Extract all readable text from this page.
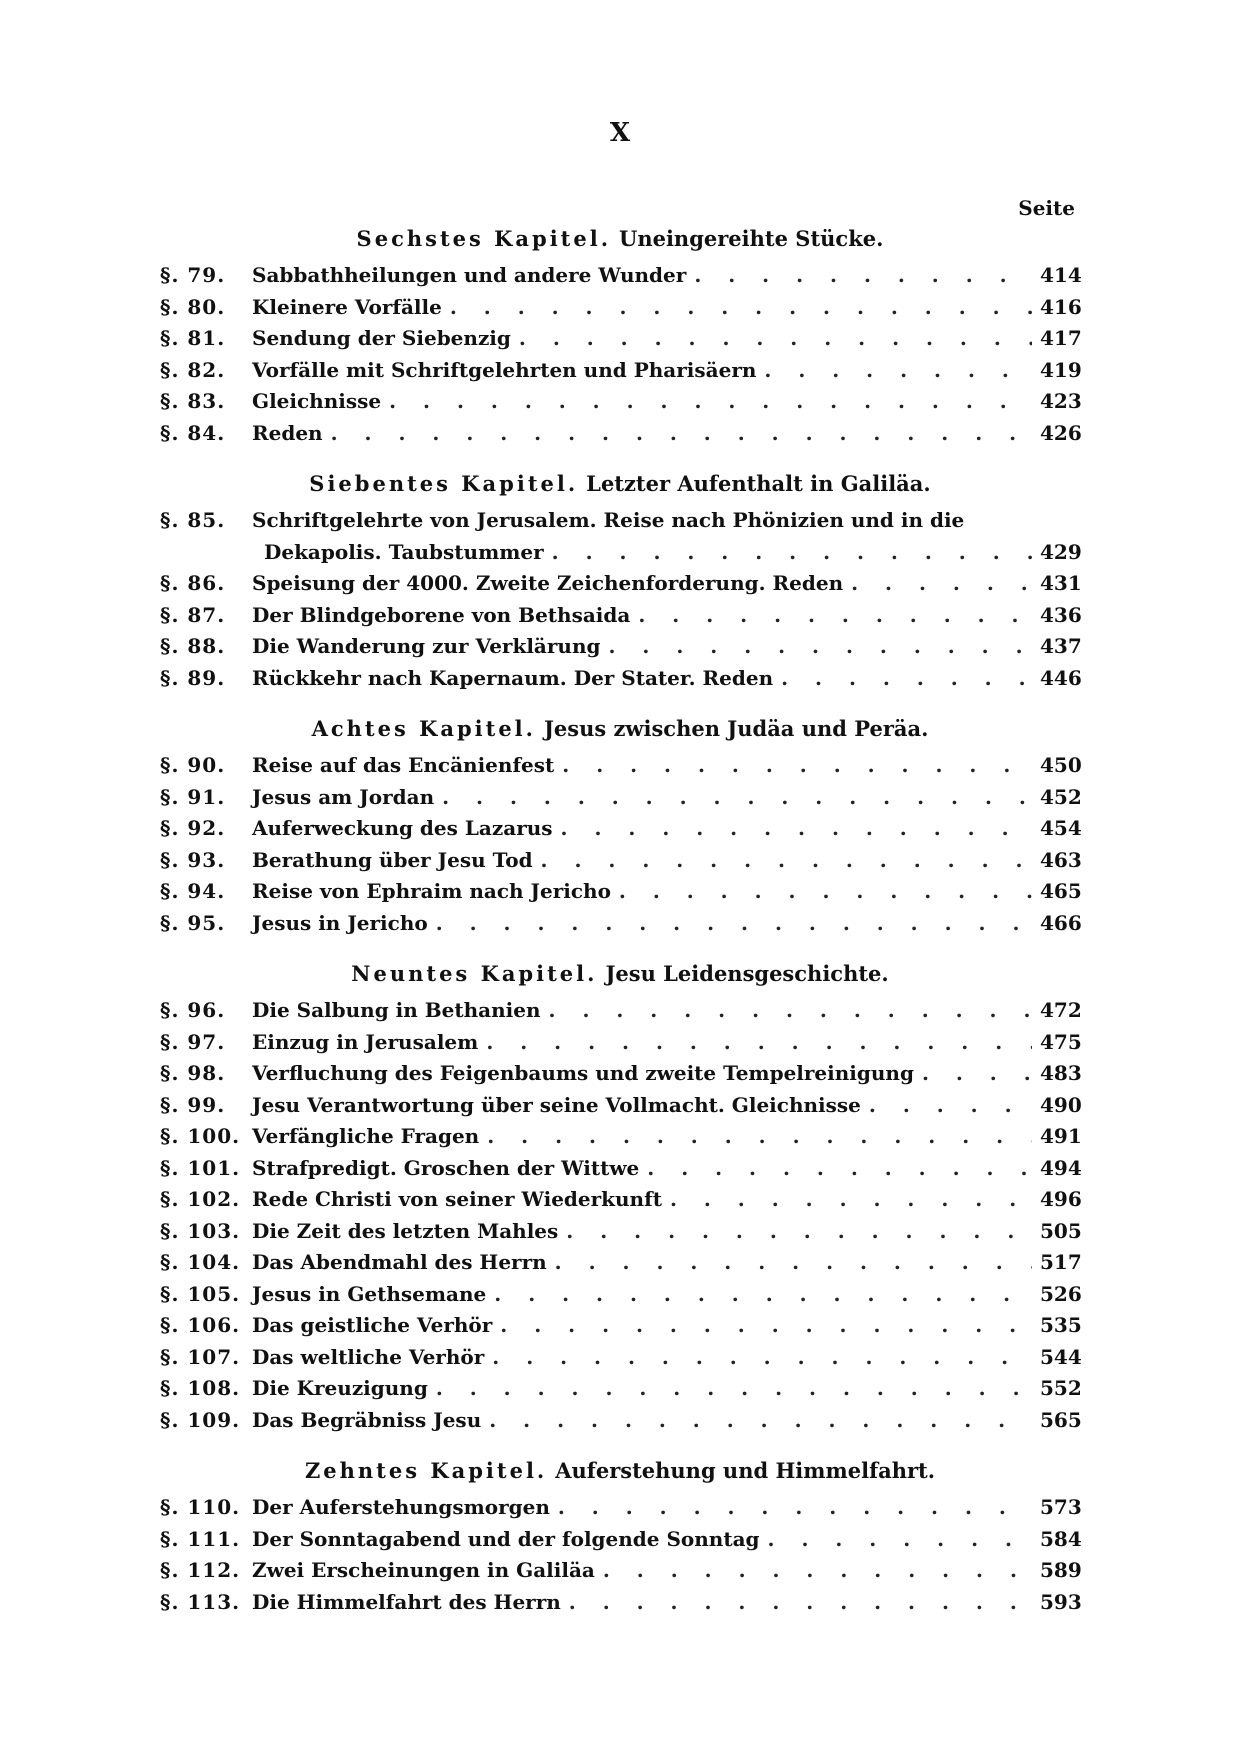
X
Seite
Sechstes Kapitel. Uneingereihte Stücke.
§. 79.	Sabbathheilungen und andere Wunder . . .	414
§. 80.	Kleinere Vorfälle . . .	416
§. 81.	Sendung der Siebenzig . . .	417
§. 82.	Vorfälle mit Schriftgelehrten und Pharisäern . . .	419
§. 83.	Gleichnisse . . .	423
§. 84.	Reden . . .	426
Siebentes Kapitel. Letzter Aufenthalt in Galiläa.
§. 85.	Schriftgelehrte von Jerusalem. Reise nach Phönizien und in die
Dekapolis. Taubstummer . . .	429
§. 86.	Speisung der 4000. Zweite Zeichenforderung. Reden . . .	431
§. 87.	Der Blindgeborene von Bethsaida . . .	436
§. 88.	Die Wanderung zur Verklärung . . .	437
§. 89.	Rückkehr nach Kapernaum. Der Stater. Reden . . .	446
Achtes Kapitel. Jesus zwischen Judäa und Peräa.
§. 90.	Reise auf das Encänienfest . . .	450
§. 91.	Jesus am Jordan . . .	452
§. 92.	Auferweckung des Lazarus . . .	454
§. 93.	Berathung über Jesu Tod . . .	463
§. 94.	Reise von Ephraim nach Jericho . . .	465
§. 95.	Jesus in Jericho . . .	466
Neuntes Kapitel. Jesu Leidensgeschichte.
§. 96.	Die Salbung in Bethanien . . .	472
§. 97.	Einzug in Jerusalem . . .	475
§. 98.	Verfluchung des Feigenbaums und zweite Tempelreinigung . . .	483
§. 99.	Jesu Verantwortung über seine Vollmacht. Gleichnisse . . .	490
§. 100. Verfängliche Fragen . . .	491
§. 101. Strafpredigt. Groschen der Wittwe . . .	494
§. 102. Rede Christi von seiner Wiederkunft . . .	496
§. 103. Die Zeit des letzten Mahles . . .	505
§. 104. Das Abendmahl des Herrn . . .	517
§. 105. Jesus in Gethsemane . . .	526
§. 106. Das geistliche Verhör . . .	535
§. 107. Das weltliche Verhör . . .	544
§. 108. Die Kreuzigung . . .	552
§. 109. Das Begräbniss Jesu . . .	565
Zehntes Kapitel. Auferstehung und Himmelfahrt.
§. 110. Der Auferstehungsmorgen . . .	573
§. 111. Der Sonntagabend und der folgende Sonntag . . .	584
§. 112. Zwei Erscheinungen in Galiläa . . .	589
§. 113. Die Himmelfahrt des Herrn . . .	593
